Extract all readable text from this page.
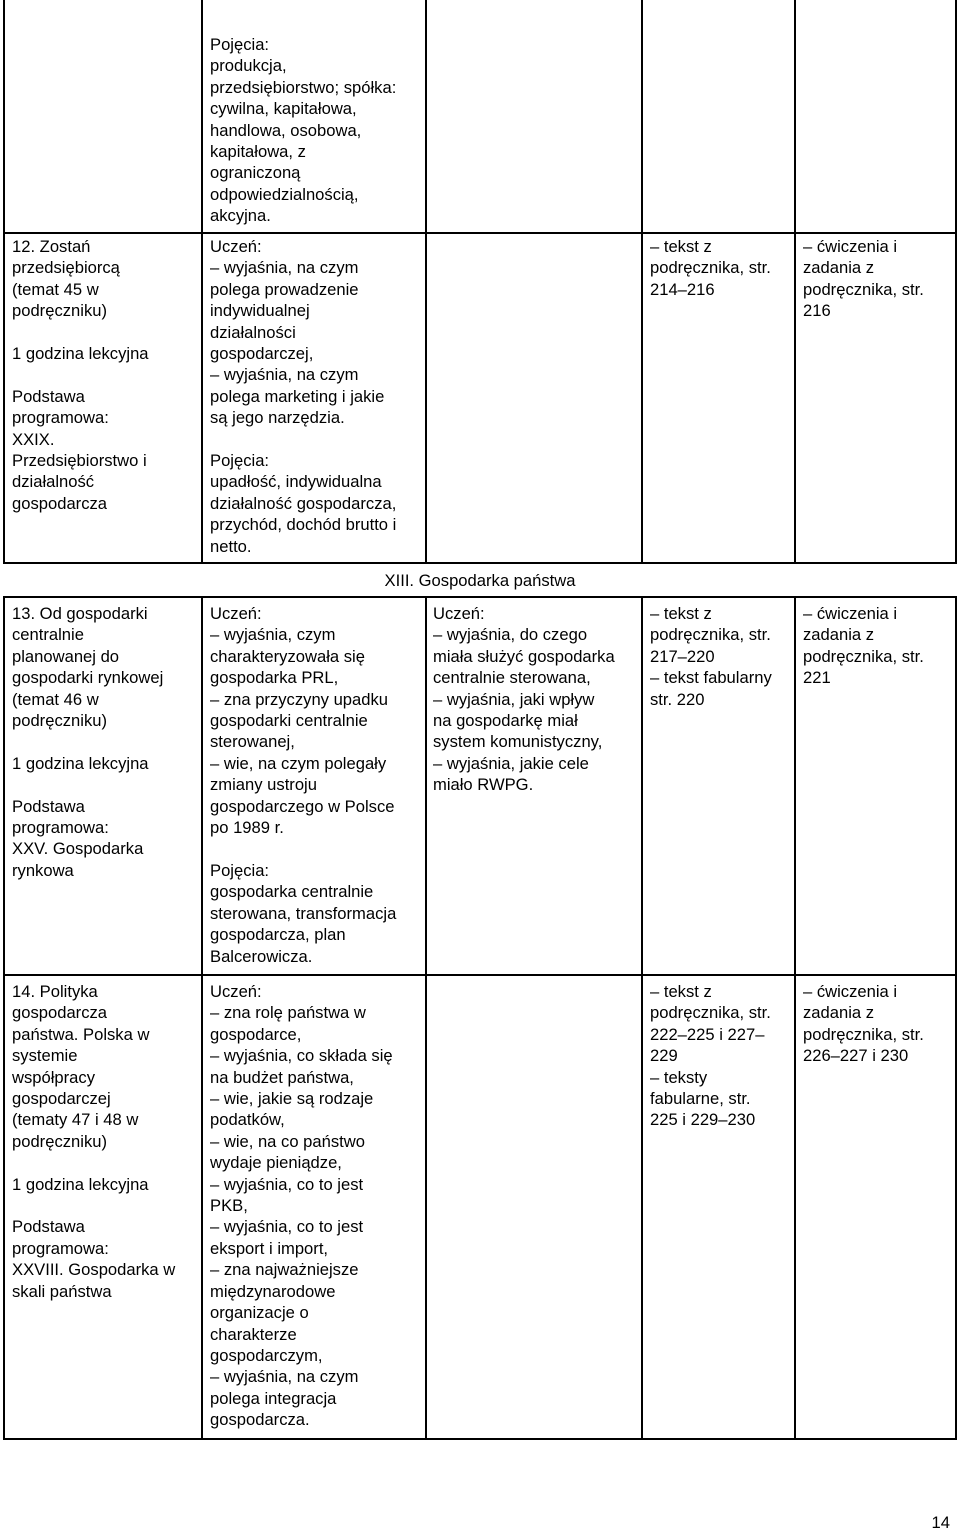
Pojęcia:

produkcja,

przedsiębiorstwo; spółka:

cywilna, kapitałowa,

handlowa, osobowa,

kapitałowa, z

ograniczoną

odpowiedzialnością,

akcyjna.

12. Zostań

przedsiębiorcą

(temat 45 w

podręczniku)

1 godzina lekcyjna

Podstawa

programowa:

XXIX.

Przedsiębiorstwo i

działalność

gospodarcza

Uczeń:

– wyjaśnia, na czym

polega prowadzenie

indywidualnej

działalności

gospodarczej,

– wyjaśnia, na czym

polega marketing i jakie

są jego narzędzia.

Pojęcia:

upadłość, indywidualna

działalność gospodarcza,

przychód, dochód brutto i

netto.

– tekst z

podręcznika, str.

214–216

– ćwiczenia i

zadania z

podręcznika, str.

216

XIII. Gospodarka państwa

13. Od gospodarki

centralnie

planowanej do

gospodarki rynkowej

(temat 46 w

podręczniku)

1 godzina lekcyjna

Podstawa

programowa:

XXV. Gospodarka

rynkowa

Uczeń:

– wyjaśnia, czym

charakteryzowała się

gospodarka PRL,

– zna przyczyny upadku

gospodarki centralnie

sterowanej,

– wie, na czym polegały

zmiany ustroju

gospodarczego w Polsce

po 1989 r.

Pojęcia:

gospodarka centralnie

sterowana, transformacja

gospodarcza, plan

Balcerowicza.

Uczeń:

– wyjaśnia, do czego

miała służyć gospodarka

centralnie sterowana,

– wyjaśnia, jaki wpływ

na gospodarkę miał

system komunistyczny,

– wyjaśnia, jakie cele

miało RWPG.

– tekst z

podręcznika, str.

217–220

– tekst fabularny

str. 220

– ćwiczenia i

zadania z

podręcznika, str.

221

14. Polityka

gospodarcza

państwa. Polska w

systemie

współpracy

gospodarczej

(tematy 47 i 48 w

podręczniku)

1 godzina lekcyjna

Podstawa

programowa:

XXVIII. Gospodarka w

skali państwa

Uczeń:

– zna rolę państwa w

gospodarce,

– wyjaśnia, co składa się

na budżet państwa,

– wie, jakie są rodzaje

podatków,

– wie, na co państwo

wydaje pieniądze,

– wyjaśnia, co to jest

PKB,

– wyjaśnia, co to jest

eksport i import,

– zna najważniejsze

międzynarodowe

organizacje o

charakterze

gospodarczym,

– wyjaśnia, na czym

polega integracja

gospodarcza.

– tekst z

podręcznika, str.

222–225 i 227–

229

– teksty

fabularne, str.

225 i 229–230

– ćwiczenia i

zadania z

podręcznika, str.

226–227 i 230

14
